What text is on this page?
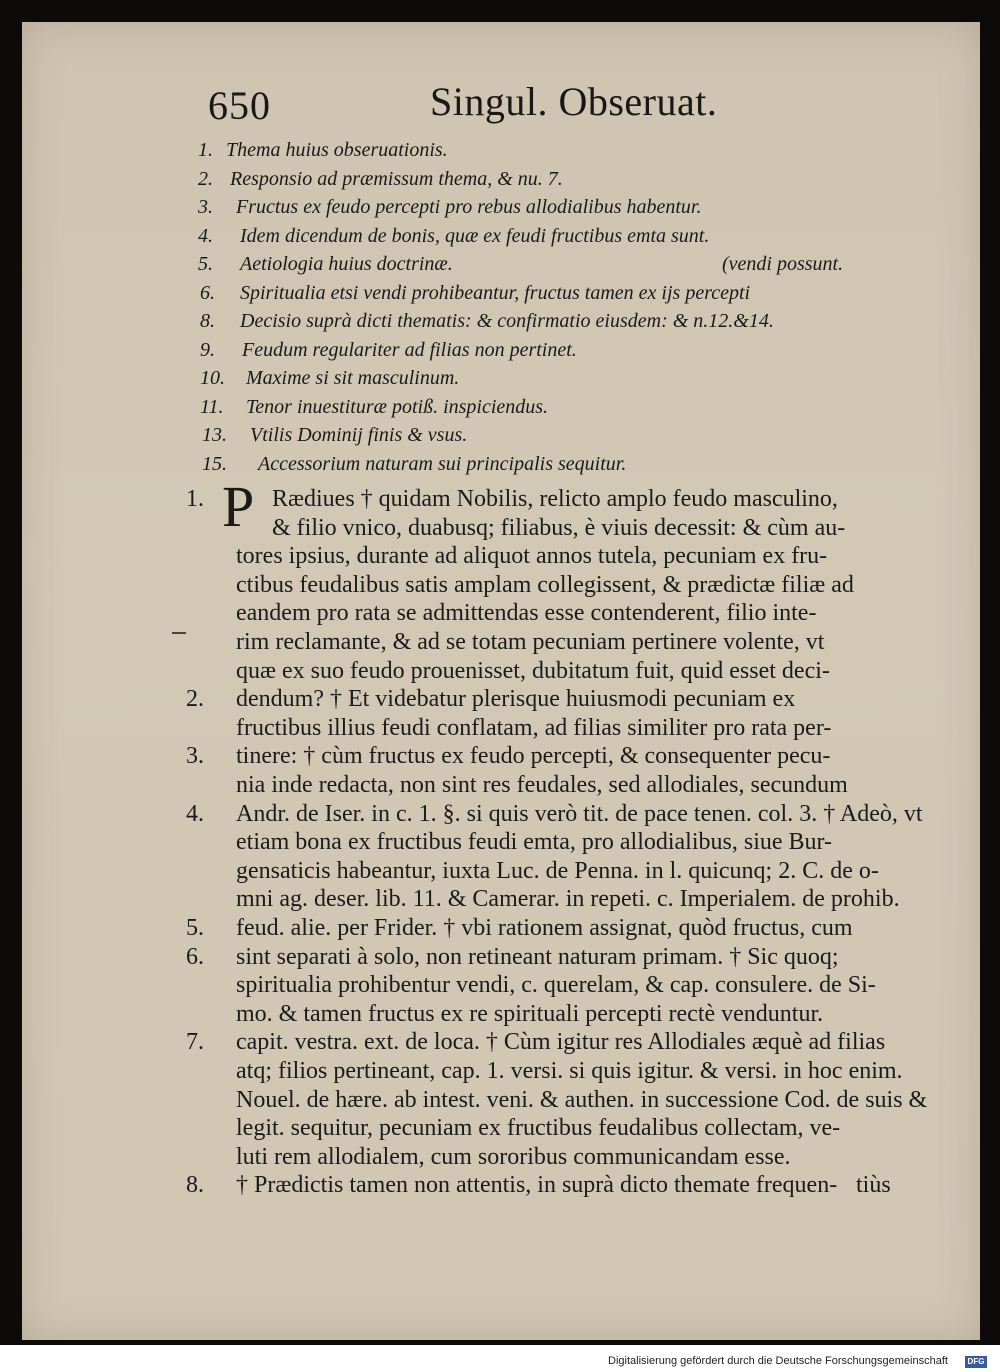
650	Singul. Obseruat.
1. Thema huius obseruationis.
2. Responsio ad præmissum thema, & nu. 7.
3.	Fructus ex feudo percepti pro rebus allodialibus habentur.
4.	Idem dicendum de bonis, quæ ex feudi fructibus emta sunt.
5.	Aetiologia huius doctrinæ.	(vendi possunt.
6.	Spiritualia etsi vendi prohibeantur, fructus tamen ex ijs percepti
8.	Decisio suprà dicti thematis: & confirmatio eiusdem: & n.12.&14.
9.	Feudum regulariter ad filias non pertinet.
10.	Maxime si sit masculinum.
11.	Tenor inuestituræ potiß. inspiciendus.
13.	Vtilis Dominij finis & vsus.
15.	Accessorium naturam sui principalis sequitur.
P
1.	Rædiues † quidam Nobilis, relicto amplo feudo masculino,
& filio vnico, duabusq; filiabus, è viuis decessit: & cùm au-
tores ipsius, durante ad aliquot annos tutela, pecuniam ex fru-
ctibus feudalibus satis amplam collegissent, & prædictæ filiæ ad
eandem pro rata se admittendas esse contenderent, filio inte-
rim reclamante, & ad se totam pecuniam pertinere volente, vt
quæ ex suo feudo prouenisset, dubitatum fuit, quid esset deci-
2.	dendum? † Et videbatur plerisque huiusmodi pecuniam ex
fructibus illius feudi conflatam, ad filias similiter pro rata per-
3.	tinere: † cùm fructus ex feudo percepti, & consequenter pecu-
nia inde redacta, non sint res feudales, sed allodiales, secundum
4.	Andr. de Iser. in c. 1. §. si quis verò tit. de pace tenen. col. 3. † Adeò, vt
etiam bona ex fructibus feudi emta, pro allodialibus, siue Bur-
gensaticis habeantur, iuxta Luc. de Penna. in l. quicunq; 2. C. de o-
mni ag. deser. lib. 11. & Camerar. in repeti. c. Imperialem. de prohib.
5.	feud. alie. per Frider. † vbi rationem assignat, quòd fructus, cum
6.	sint separati à solo, non retineant naturam primam. † Sic quoq;
spiritualia prohibentur vendi, c. querelam, & cap. consulere. de Si-
mo. & tamen fructus ex re spirituali percepti rectè venduntur.
7.	capit. vestra. ext. de loca. † Cùm igitur res Allodiales æquè ad filias
atq; filios pertineant, cap. 1. versi. si quis igitur. & versi. in hoc enim.
Nouel. de hære. ab intest. veni. & authen. in successione Cod. de suis &
legit. sequitur, pecuniam ex fructibus feudalibus collectam, ve-
luti rem allodialem, cum sororibus communicandam esse.
8.	† Prædictis tamen non attentis, in suprà dicto themate frequen- tiùs
Digitalisierung gefördert durch die Deutsche Forschungsgemeinschaft	DFG
